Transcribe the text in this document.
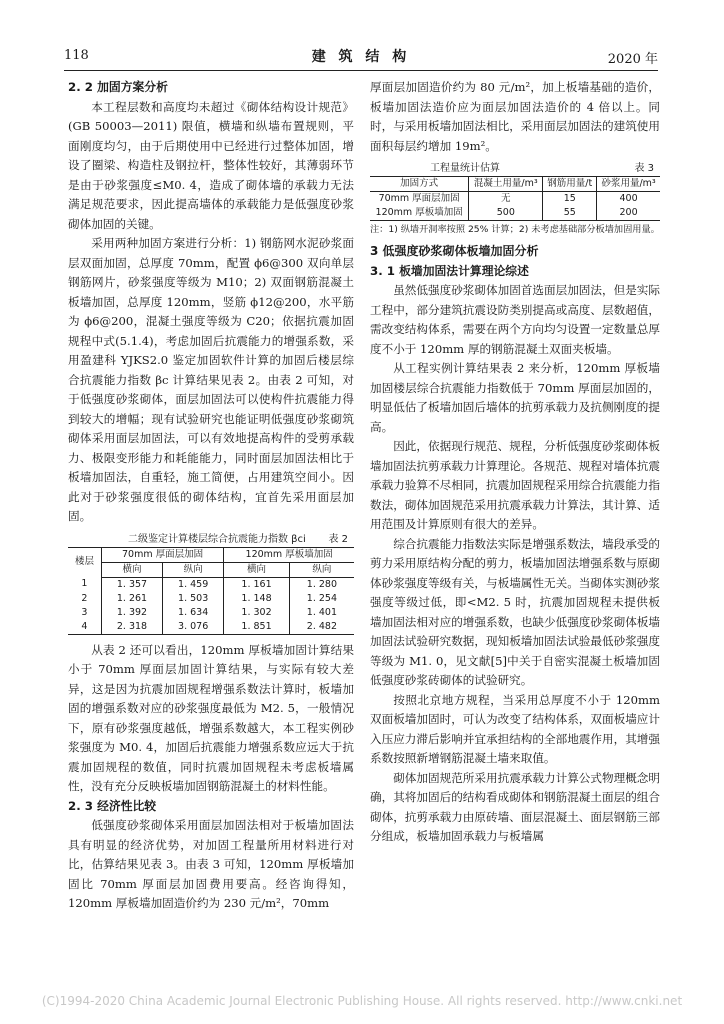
118	建 筑 结 构	2020 年
2. 2 加固方案分析

本工程层数和高度均未超过《砌体结构设计规范》(GB 50003—2011) 限值，横墙和纵墙布置规则，平面刚度均匀，由于后期使用中已经进行过整体加固，增设了圈梁、构造柱及钢拉杆，整体性较好，其薄弱环节是由于砂浆强度≤M0. 4，造成了砌体墙的承载力无法满足规范要求，因此提高墙体的承载能力是低强度砂浆砌体加固的关键。

采用两种加固方案进行分析：1) 钢筋网水泥砂浆面层双面加固，总厚度 70mm，配置 ϕ6@300 双向单层钢筋网片，砂浆强度等级为 M10；2) 双面钢筋混凝土板墙加固，总厚度 120mm，竖筋 ϕ12@200，水平筋为 ϕ6@200，混凝土强度等级为 C20；依据抗震加固规程中式(5.1.4)，考虑加固后抗震能力的增强系数，采用盈建科 YJKS2.0 鉴定加固软件计算的加固后楼层综合抗震能力指数 βc 计算结果见表 2。由表 2 可知，对于低强度砂浆砌体，面层加固法可以使构件抗震能力得到较大的增幅；现有试验研究也能证明低强度砂浆砌筑砌体采用面层加固法，可以有效地提高构件的受剪承载力、极限变形能力和耗能能力，同时面层加固法相比于板墙加固法，自重轻，施工简便，占用建筑空间小。因此对于砂浆强度很低的砌体结构，宜首先采用面层加固。

二级鉴定计算楼层综合抗震能力指数 βci 表 2
楼层	70mm 厚面层加固		120mm 厚板墙加固	
	横向	纵向	横向	纵向
1	1. 357	1. 459	1. 161	1. 280
2	1. 261	1. 503	1. 148	1. 254
3	1. 392	1. 634	1. 302	1. 401
4	2. 318	3. 076	1. 851	2. 482

从表 2 还可以看出，120mm 厚板墙加固计算结果小于 70mm 厚面层加固计算结果，与实际有较大差异，这是因为抗震加固规程增强系数法计算时，板墙加固的增强系数对应的砂浆强度最低为 M2. 5，一般情况下，原有砂浆强度越低，增强系数越大，本工程实例砂浆强度为 M0. 4，加固后抗震能力增强系数应远大于抗震加固规程的数值，同时抗震加固规程未考虑板墙属性，没有充分反映板墙加固钢筋混凝土的材料性能。

2. 3 经济性比较

低强度砂浆砌体采用面层加固法相对于板墙加固法具有明显的经济优势，对加固工程量所用材料进行对比，估算结果见表 3。由表 3 可知，120mm 厚板墙加固比 70mm 厚面层加固费用要高。经咨询得知，120mm 厚板墙加固造价约为 230 元/m²，70mm

厚面层加固造价约为 80 元/m²，加上板墙基础的造价，板墙加固法造价应为面层加固法造价的 4 倍以上。同时，与采用板墙加固法相比，采用面层加固法的建筑使用面积每层约增加 19m²。

工程量统计估算	表 3
加固方式	混凝土用量/m³	钢筋用量/t	砂浆用量/m³
70mm 厚面层加固	无	15	400
120mm 厚板墙加固	500	55	200
注：1) 纵墙开洞率按照 25% 计算；2) 未考虑基础部分板墙加固用量。
3 低强度砂浆砌体板墙加固分析
3. 1 板墙加固法计算理论综述

虽然低强度砂浆砌体加固首选面层加固法，但是实际工程中，部分建筑抗震设防类别提高或高度、层数超值，需改变结构体系，需要在两个方向均匀设置一定数量总厚度不小于 120mm 厚的钢筋混凝土双面夹板墙。

从工程实例计算结果表 2 来分析，120mm 厚板墙加固楼层综合抗震能力指数低于 70mm 厚面层加固的，明显低估了板墙加固后墙体的抗剪承载力及抗侧刚度的提高。

因此，依据现行规范、规程，分析低强度砂浆砌体板墙加固法抗剪承载力计算理论。各规范、规程对墙体抗震承载力验算不尽相同，抗震加固规程采用综合抗震能力指数法，砌体加固规范采用抗震承载力计算法，其计算、适用范围及计算原则有很大的差异。

综合抗震能力指数法实际是增强系数法，墙段承受的剪力采用原结构分配的剪力，板墙加固法增强系数与原砌体砂浆强度等级有关，与板墙属性无关。当砌体实测砂浆强度等级过低，即<M2. 5 时，抗震加固规程未提供板墙加固法相对应的增强系数，也缺少低强度砂浆砌体板墙加固法试验研究数据，现知板墙加固法试验最低砂浆强度等级为 M1. 0，见文献[5]中关于自密实混凝土板墙加固低强度砂浆砖砌体的试验研究。

按照北京地方规程，当采用总厚度不小于 120mm 双面板墙加固时，可认为改变了结构体系，双面板墙应计入压应力滞后影响并宜承担结构的全部地震作用，其增强系数按照新增钢筋混凝土墙来取值。

砌体加固规范所采用抗震承载力计算公式物理概念明确，其将加固后的结构看成砌体和钢筋混凝土面层的组合砌体，抗剪承载力由原砖墙、面层混凝土、面层钢筋三部分组成，板墙加固承载力与板墙属

(C)1994-2020 China Academic Journal Electronic Publishing House. All rights reserved. http://www.cnki.net
